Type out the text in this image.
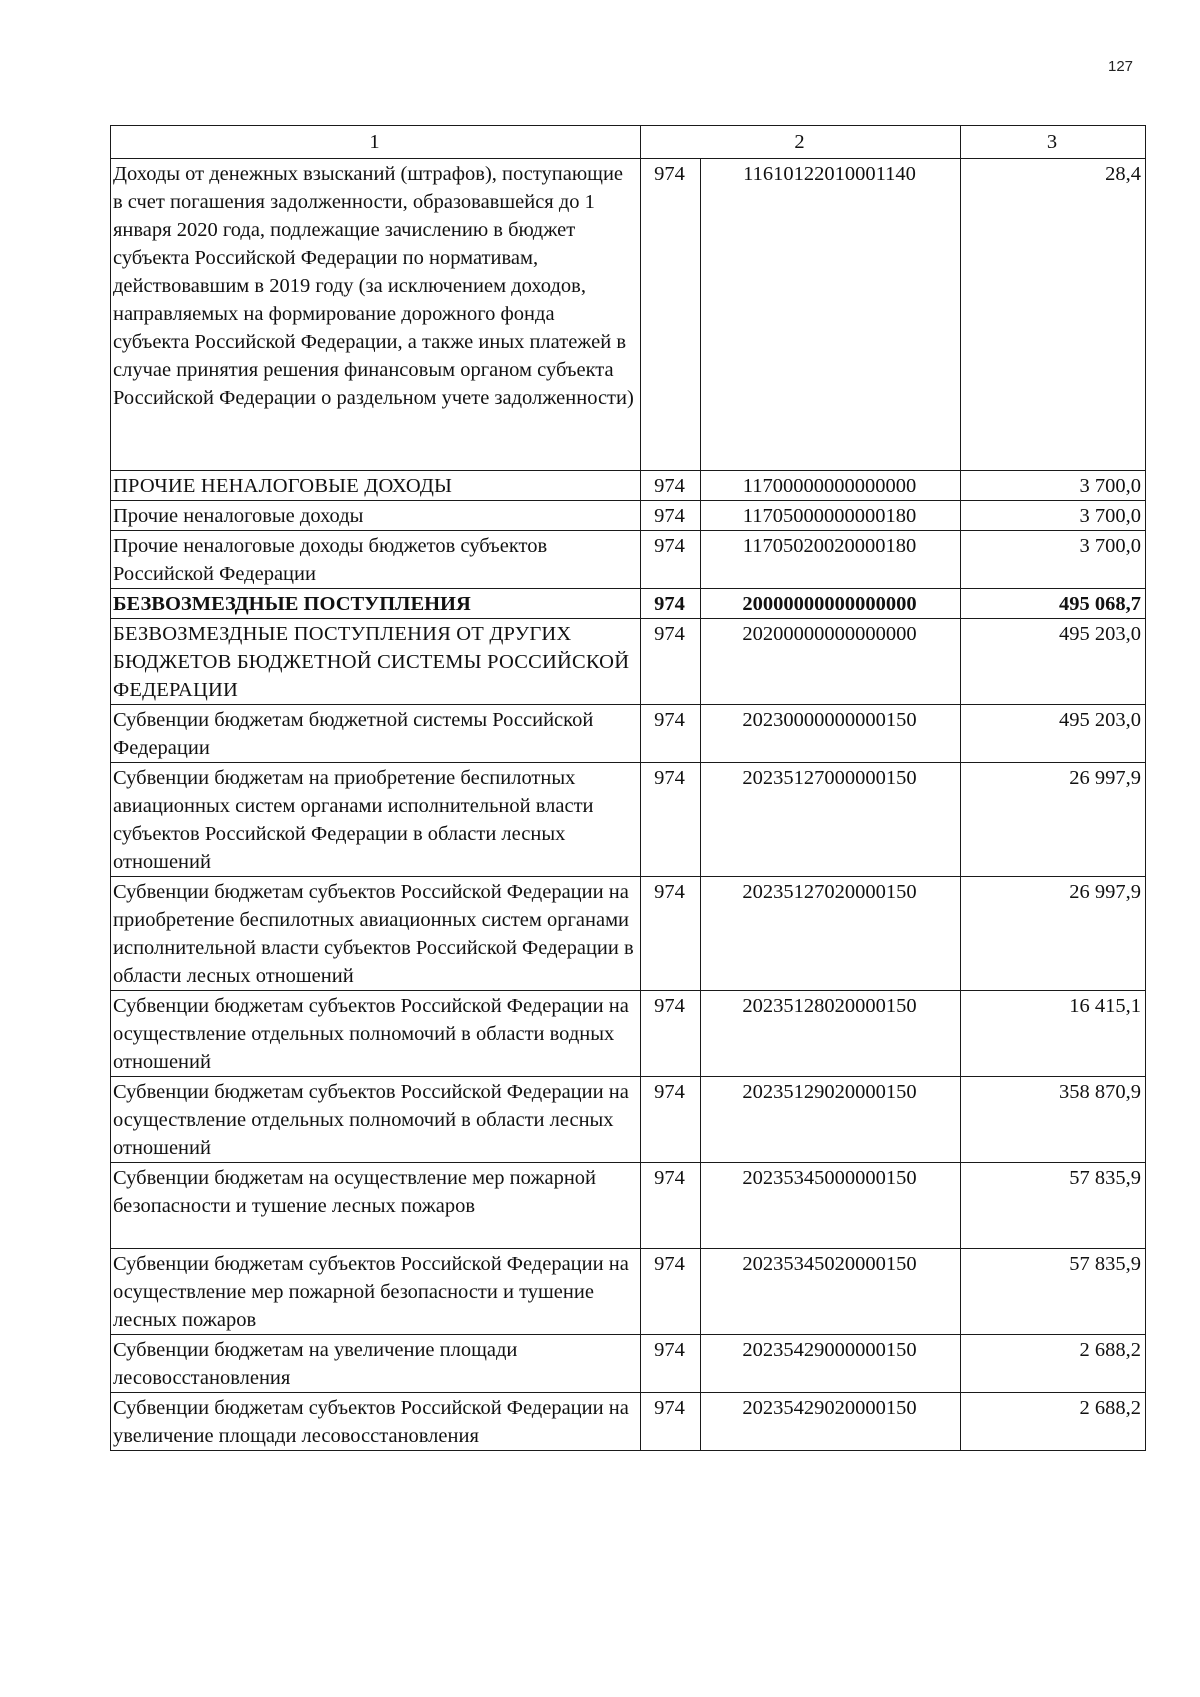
127
1	2		3
Доходы от денежных взысканий (штрафов), поступающие в счет погашения задолженности, образовавшейся до 1 января 2020 года, подлежащие зачислению в бюджет субъекта Российской Федерации по нормативам, действовавшим в 2019 году (за исключением доходов, направляемых на формирование дорожного фонда субъекта Российской Федерации, а также иных платежей в случае принятия решения финансовым органом субъекта Российской Федерации о раздельном учете задолженности)	974	11610122010001140	28,4
ПРОЧИЕ НЕНАЛОГОВЫЕ ДОХОДЫ	974	11700000000000000	3 700,0
Прочие неналоговые доходы	974	11705000000000180	3 700,0
Прочие неналоговые доходы бюджетов субъектов Российской Федерации	974	11705020020000180	3 700,0
БЕЗВОЗМЕЗДНЫЕ ПОСТУПЛЕНИЯ	974	20000000000000000	495 068,7
БЕЗВОЗМЕЗДНЫЕ ПОСТУПЛЕНИЯ ОТ ДРУГИХ БЮДЖЕТОВ БЮДЖЕТНОЙ СИСТЕМЫ РОССИЙСКОЙ ФЕДЕРАЦИИ	974	20200000000000000	495 203,0
Субвенции бюджетам бюджетной системы Российской Федерации	974	20230000000000150	495 203,0
Субвенции бюджетам на приобретение беспилотных авиационных систем органами исполнительной власти субъектов Российской Федерации в области лесных отношений	974	20235127000000150	26 997,9
Субвенции бюджетам субъектов Российской Федерации на приобретение беспилотных авиационных систем органами исполнительной власти субъектов Российской Федерации в области лесных отношений	974	20235127020000150	26 997,9
Субвенции бюджетам субъектов Российской Федерации на осуществление отдельных полномочий в области водных отношений	974	20235128020000150	16 415,1
Субвенции бюджетам субъектов Российской Федерации на осуществление отдельных полномочий в области лесных отношений	974	20235129020000150	358 870,9
Субвенции бюджетам на осуществление мер пожарной безопасности и тушение лесных пожаров	974	20235345000000150	57 835,9
Субвенции бюджетам субъектов Российской Федерации на осуществление мер пожарной безопасности и тушение лесных пожаров	974	20235345020000150	57 835,9
Субвенции бюджетам на увеличение площади лесовосстановления	974	20235429000000150	2 688,2
Субвенции бюджетам субъектов Российской Федерации на увеличение площади лесовосстановления	974	20235429020000150	2 688,2
